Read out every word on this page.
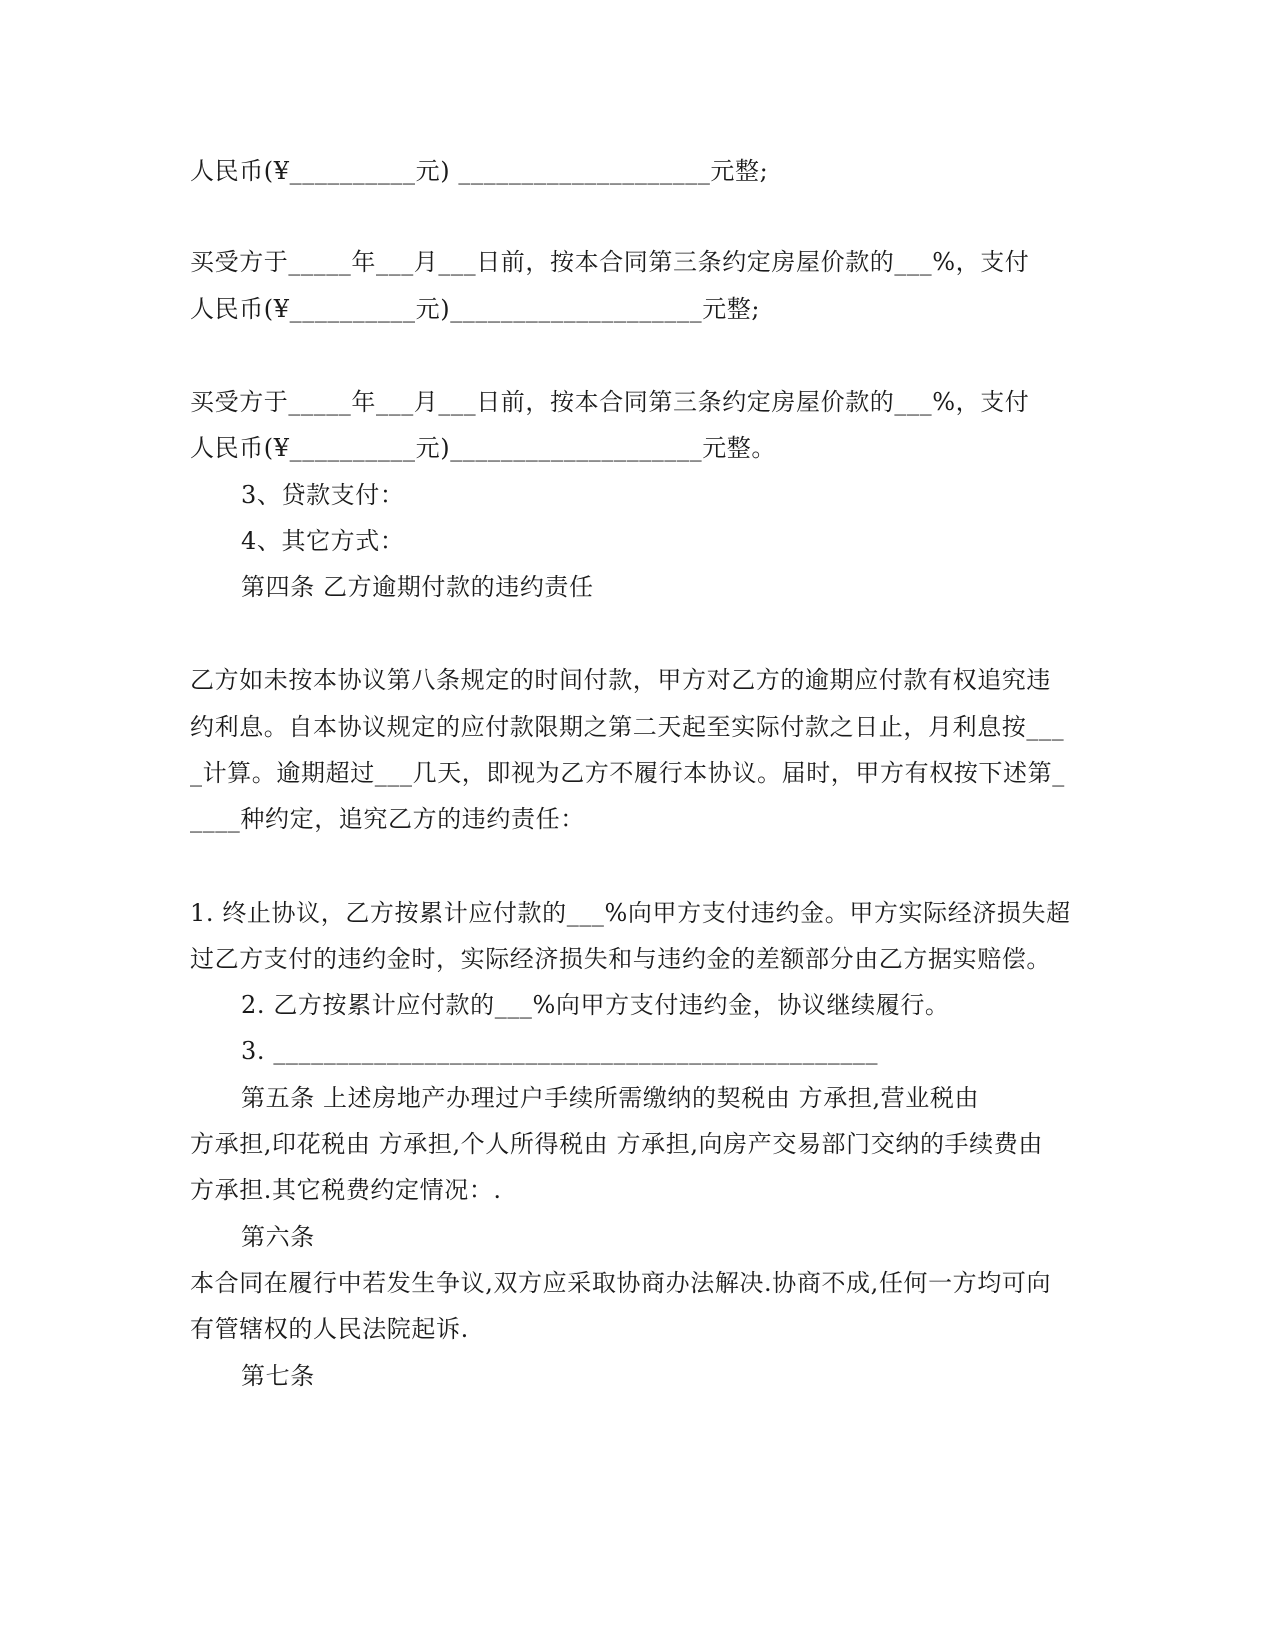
人民币(¥__________元) ____________________元整;
买受方于_____年___月___日前，按本合同第三条约定房屋价款的___%，支付
人民币(¥__________元)____________________元整;
买受方于_____年___月___日前，按本合同第三条约定房屋价款的___%，支付
人民币(¥__________元)____________________元整。
3、贷款支付：
4、其它方式：
第四条 乙方逾期付款的违约责任
乙方如未按本协议第八条规定的时间付款，甲方对乙方的逾期应付款有权追究违
约利息。自本协议规定的应付款限期之第二天起至实际付款之日止，月利息按___
_计算。逾期超过___几天，即视为乙方不履行本协议。届时，甲方有权按下述第_
____种约定，追究乙方的违约责任：
1. 终止协议，乙方按累计应付款的___%向甲方支付违约金。甲方实际经济损失超
过乙方支付的违约金时，实际经济损失和与违约金的差额部分由乙方据实赔偿。
2. 乙方按累计应付款的___%向甲方支付违约金，协议继续履行。
3. ________________________________________________
第五条 上述房地产办理过户手续所需缴纳的契税由 方承担,营业税由
方承担,印花税由 方承担,个人所得税由 方承担,向房产交易部门交纳的手续费由
方承担.其它税费约定情况：.
第六条
本合同在履行中若发生争议,双方应采取协商办法解决.协商不成,任何一方均可向
有管辖权的人民法院起诉.
第七条
